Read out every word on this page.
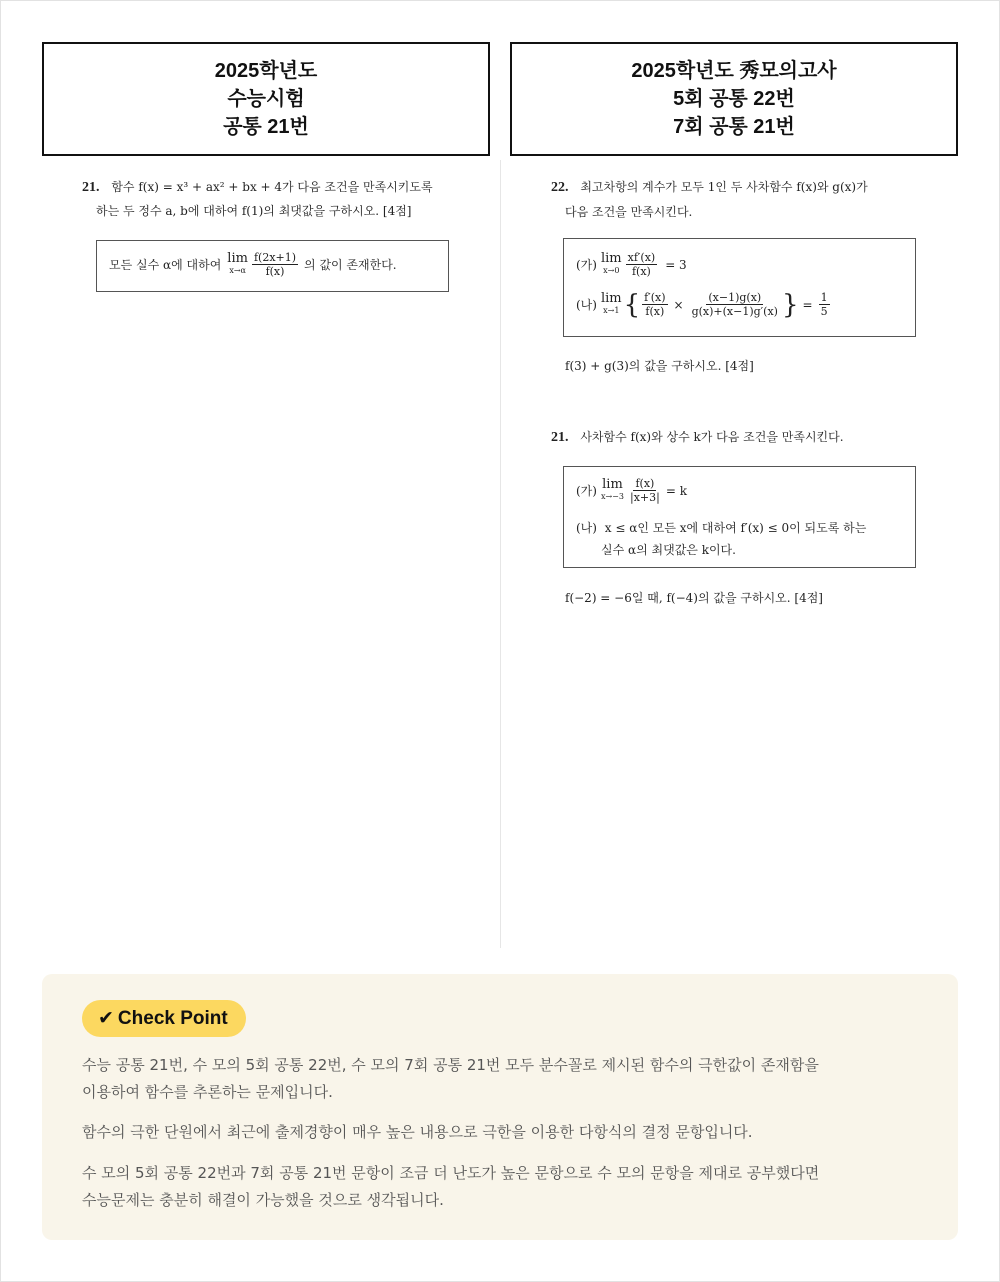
2025학년도
수능시험
공통 21번
2025학년도 秀모의고사
5회 공통 22번
7회 공통 21번
21. 함수 f(x) = x³ + ax² + bx + 4가 다음 조건을 만족시키도록
하는 두 정수 a, b에 대하여 f(1)의 최댓값을 구하시오. [4점]
모든 실수 α에 대하여 lim
$x\to\alpha \frac{f(2x+1)}{f(x)}$ 의 값이 존재한다.
22. 최고차항의 계수가 모두 1인 두 사차함수 f(x)와 g(x)가
다음 조건을 만족시킨다.
(가) lim
$x\to 0 \frac{xf'(x)}{f(x)} = 3$
(나) lim
x→1 { $\frac{f'(x)}{f(x)} \times \frac{(x-1)g(x)}{g(x)+(x-1)g'(x)}$ } = $\frac{1}{5}$
f(3) + g(3)의 값을 구하시오. [4점]
21. 사차함수 f(x)와 상수 k가 다음 조건을 만족시킨다.
(가) lim
$x\to-3 \frac{f(x)}{|x+3|} = k$
(나) x ≤ α인 모든 x에 대하여 f′(x) ≤ 0이 되도록 하는
실수 α의 최댓값은 k이다.
f(−2) = −6일 때, f(−4)의 값을 구하시오. [4점]
✔ Check Point
수능 공통 21번, 수 모의 5회 공통 22번, 수 모의 7회 공통 21번 모두 분수꼴로 제시된 함수의 극한값이 존재함을
이용하여 함수를 추론하는 문제입니다.
함수의 극한 단원에서 최근에 출제경향이 매우 높은 내용으로 극한을 이용한 다항식의 결정 문항입니다.
수 모의 5회 공통 22번과 7회 공통 21번 문항이 조금 더 난도가 높은 문항으로 수 모의 문항을 제대로 공부했다면
수능문제는 충분히 해결이 가능했을 것으로 생각됩니다.
